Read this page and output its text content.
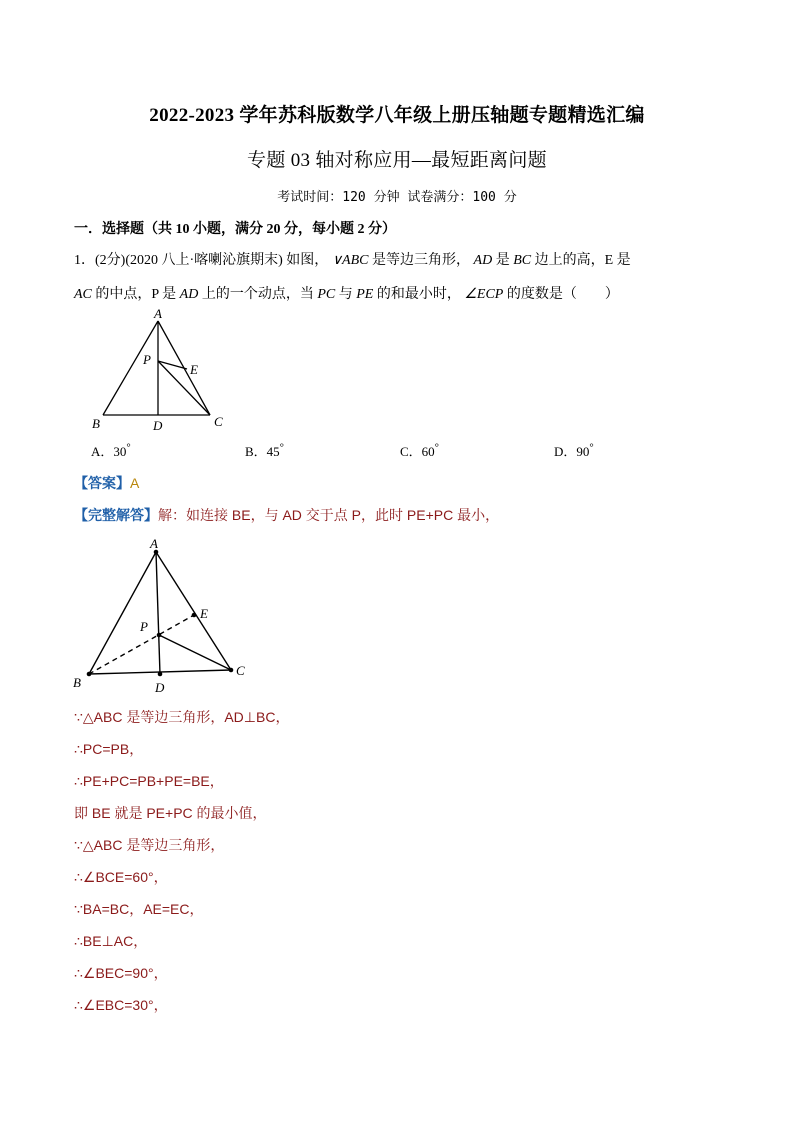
2022-2023 学年苏科版数学八年级上册压轴题专题精选汇编
专题 03 轴对称应用—最短距离问题
考试时间：120 分钟 试卷满分：100 分
一．选择题（共 10 小题，满分 20 分，每小题 2 分）
1．(2分)(2020 八上·喀喇沁旗期末) 如图， ∨ABC 是等边三角形， AD 是 BC 边上的高，E 是
AC 的中点，P 是 AD 上的一个动点，当 PC 与 PE 的和最小时， ∠ECP 的度数是（　　）
A
B	C
D
E
P
A．30°	B．45°	C．60°	D．90°
【答案】A
【完整解答】解：如连接 BE，与 AD 交于点 P，此时 PE+PC 最小，
A
B
C
D
E
P
∵△ABC 是等边三角形，AD⊥BC，
∴PC=PB，
∴PE+PC=PB+PE=BE，
即 BE 就是 PE+PC 的最小值，
∵△ABC 是等边三角形，
∴∠BCE=60°，
∵BA=BC，AE=EC，
∴BE⊥AC，
∴∠BEC=90°，
∴∠EBC=30°，
